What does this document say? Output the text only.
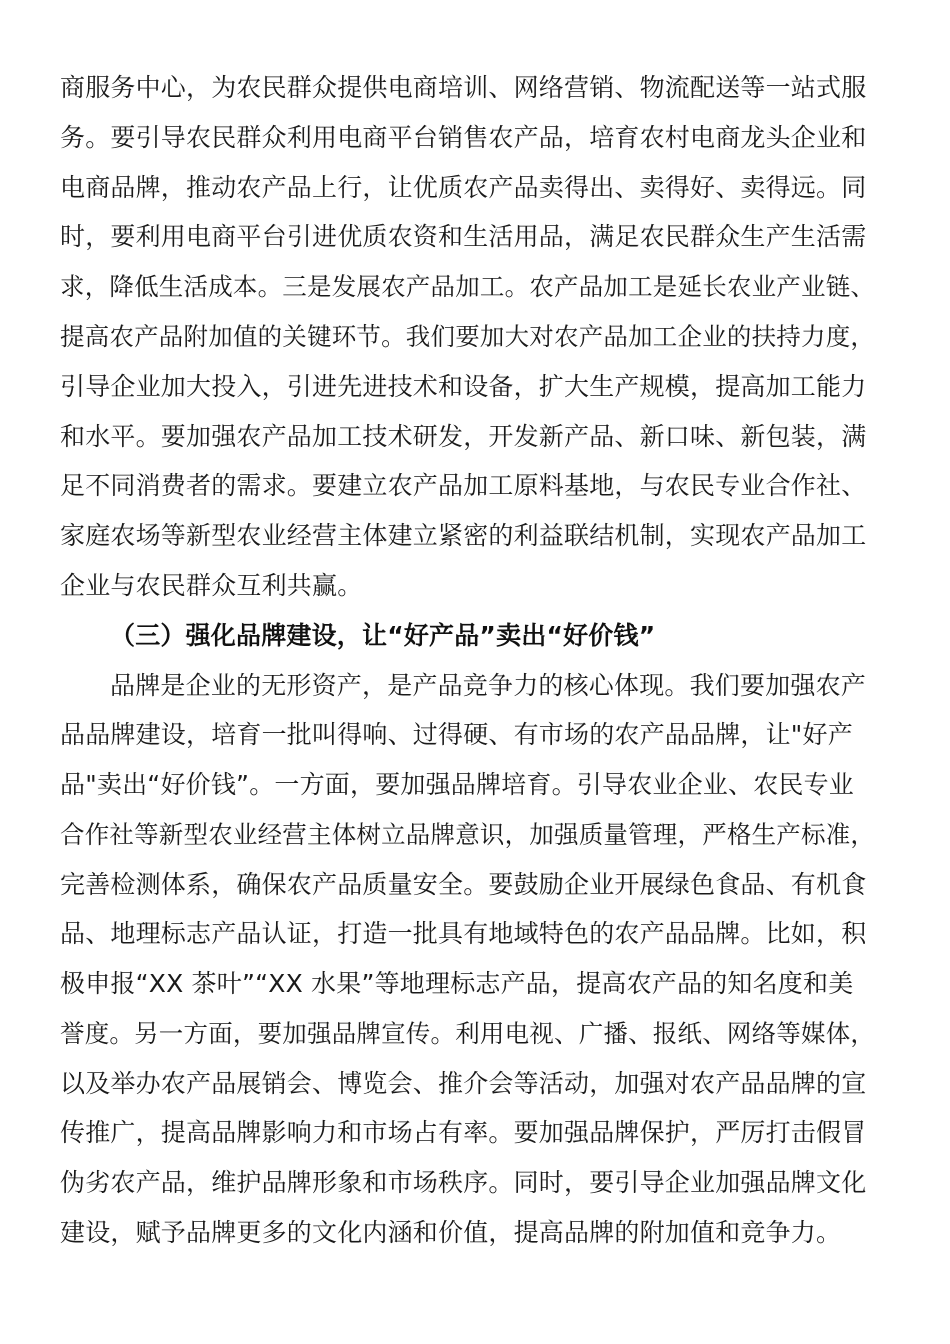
商服务中心，为农民群众提供电商培训、网络营销、物流配送等一站式服
务。要引导农民群众利用电商平台销售农产品，培育农村电商龙头企业和
电商品牌，推动农产品上行，让优质农产品卖得出、卖得好、卖得远。同
时，要利用电商平台引进优质农资和生活用品，满足农民群众生产生活需
求，降低生活成本。三是发展农产品加工。农产品加工是延长农业产业链、
提高农产品附加值的关键环节。我们要加大对农产品加工企业的扶持力度，
引导企业加大投入，引进先进技术和设备，扩大生产规模，提高加工能力
和水平。要加强农产品加工技术研发，开发新产品、新口味、新包装，满
足不同消费者的需求。要建立农产品加工原料基地，与农民专业合作社、
家庭农场等新型农业经营主体建立紧密的利益联结机制，实现农产品加工
企业与农民群众互利共赢。
（三）强化品牌建设，让“好产品”卖出“好价钱”
品牌是企业的无形资产，是产品竞争力的核心体现。我们要加强农产
品品牌建设，培育一批叫得响、过得硬、有市场的农产品品牌，让"好产
品"卖出“好价钱”。一方面，要加强品牌培育。引导农业企业、农民专业
合作社等新型农业经营主体树立品牌意识，加强质量管理，严格生产标准，
完善检测体系，确保农产品质量安全。要鼓励企业开展绿色食品、有机食
品、地理标志产品认证，打造一批具有地域特色的农产品品牌。比如，积
极申报“XX 茶叶”“XX 水果”等地理标志产品，提高农产品的知名度和美
誉度。另一方面，要加强品牌宣传。利用电视、广播、报纸、网络等媒体，
以及举办农产品展销会、博览会、推介会等活动，加强对农产品品牌的宣
传推广，提高品牌影响力和市场占有率。要加强品牌保护，严厉打击假冒
伪劣农产品，维护品牌形象和市场秩序。同时，要引导企业加强品牌文化
建设，赋予品牌更多的文化内涵和价值，提高品牌的附加值和竞争力。
